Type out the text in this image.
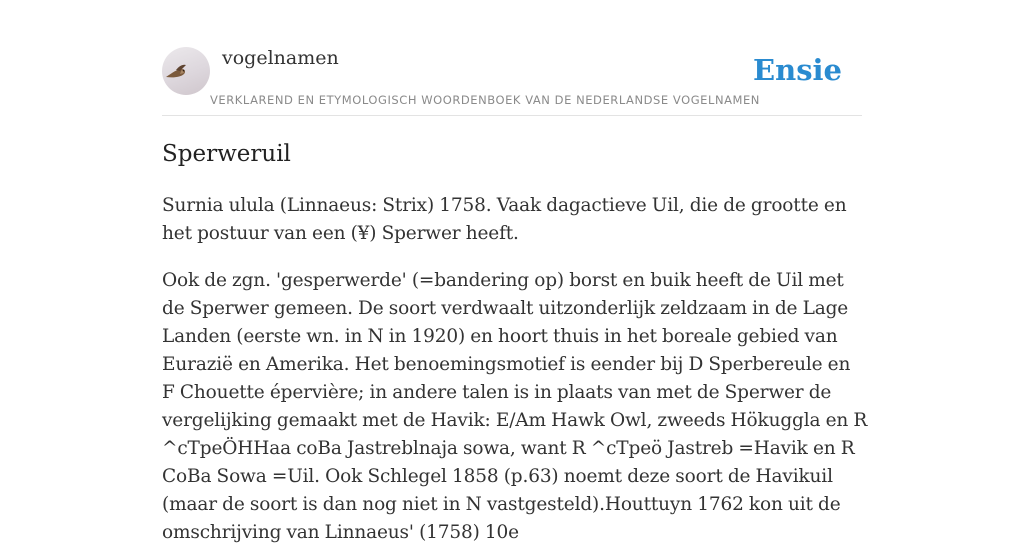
vogelnamen
VERKLAREND EN ETYMOLOGISCH WOORDENBOEK VAN DE NEDERLANDSE VOGELNAMEN
Ensie
Sperweruil

Surnia ulula (Linnaeus: Strix) 1758. Vaak dagactieve Uil, die de grootte en het postuur van een (¥) Sperwer heeft.

Ook de zgn. 'gesperwerde' (=bandering op) borst en buik heeft de Uil met de Sperwer gemeen. De soort verdwaalt uitzonderlijk zeldzaam in de Lage Landen (eerste wn. in N in 1920) en hoort thuis in het boreale gebied van Eurazië en Amerika. Het benoemingsmotief is eender bij D Sperbereule en F Chouette épervière; in andere talen is in plaats van met de Sperwer de vergelijking gemaakt met de Havik: E/Am Hawk Owl, zweeds Hökuggla en R ^cTpeÖHHaa coBa Jastreblnaja sowa, want R ^cTpeö Jastreb =Havik en R CoBa Sowa =Uil. Ook Schlegel 1858 (p.63) noemt deze soort de Havikuil (maar de soort is dan nog niet in N vastgesteld).Houttuyn 1762 kon uit de omschrijving van Linnaeus' (1758) 10e
